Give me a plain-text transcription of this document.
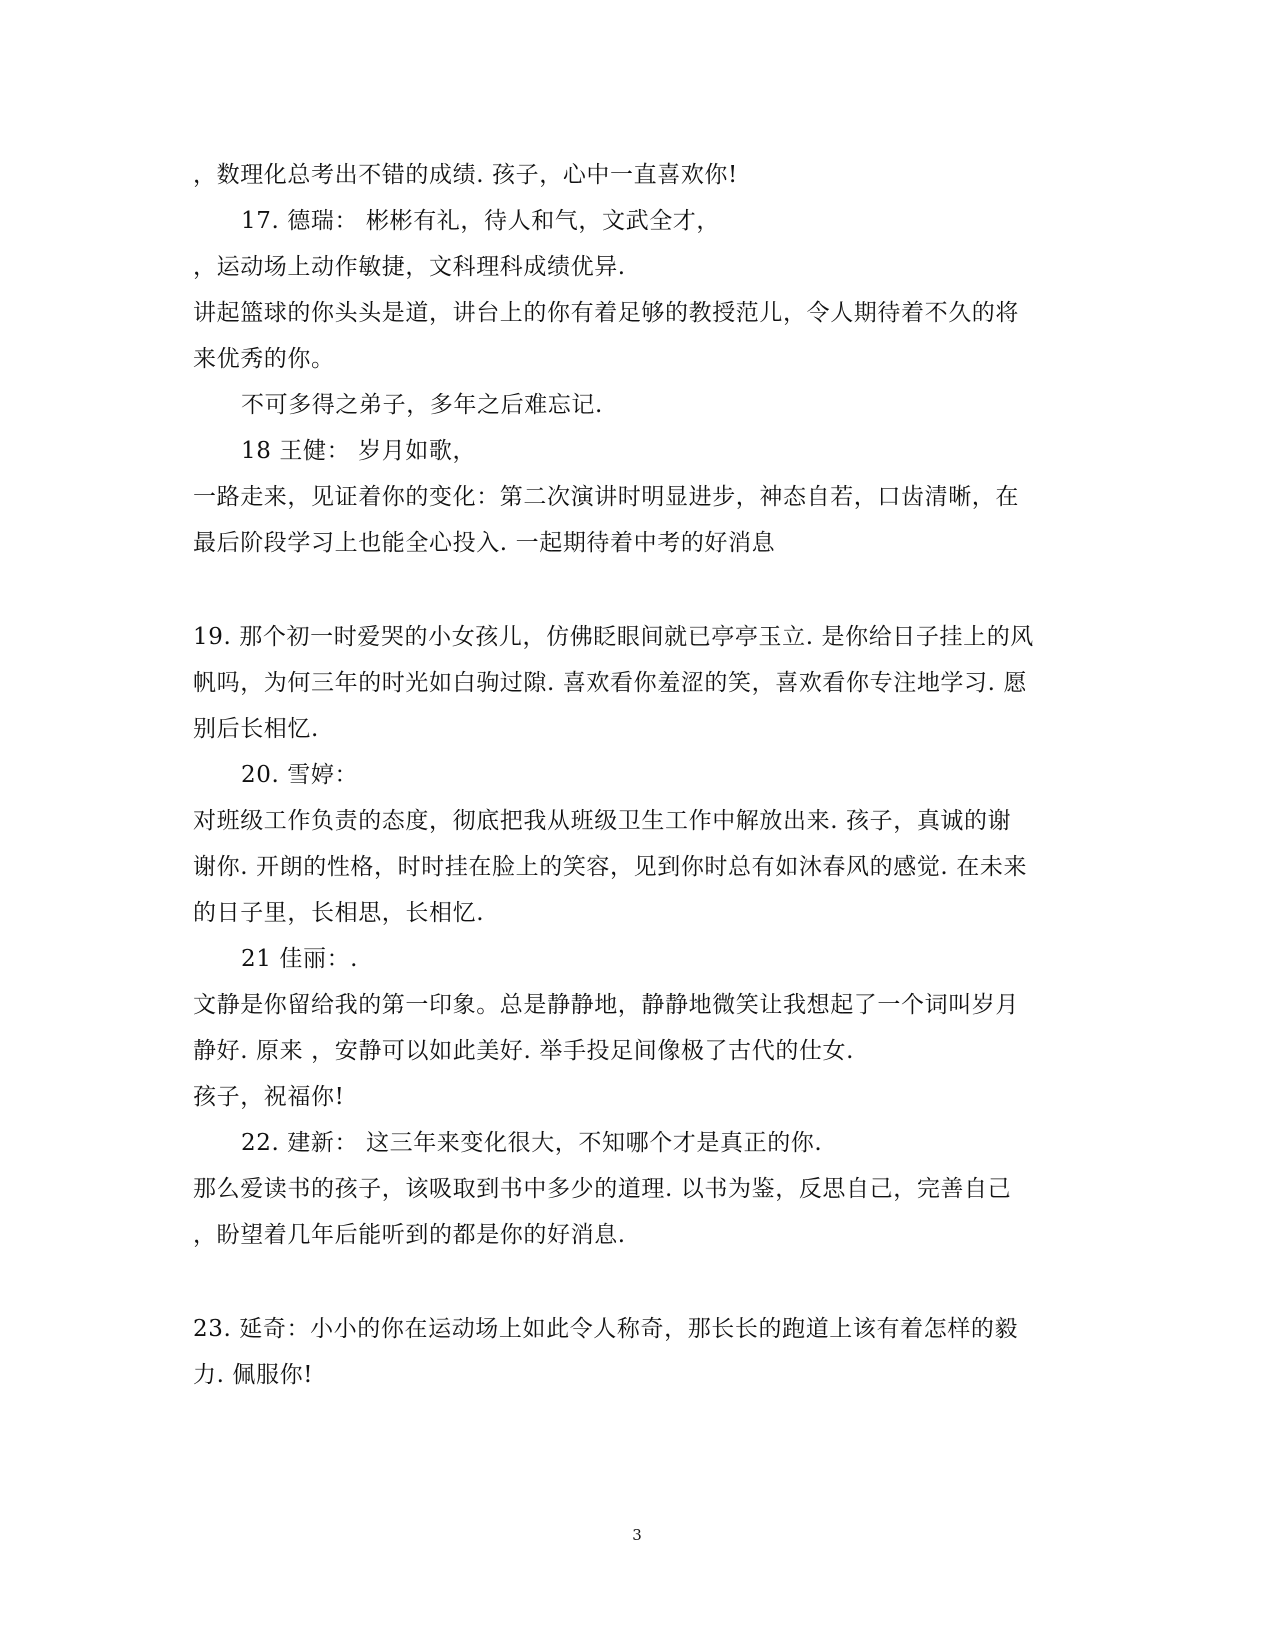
，数理化总考出不错的成绩. 孩子，心中一直喜欢你!
17. 德瑞： 彬彬有礼，待人和气，文武全才，
，运动场上动作敏捷，文科理科成绩优异.
讲起篮球的你头头是道，讲台上的你有着足够的教授范儿，令人期待着不久的将
来优秀的你。
不可多得之弟子，多年之后难忘记.
18 王健： 岁月如歌，
一路走来，见证着你的变化：第二次演讲时明显进步，神态自若，口齿清晰，在
最后阶段学习上也能全心投入. 一起期待着中考的好消息
19. 那个初一时爱哭的小女孩儿，仿佛眨眼间就已亭亭玉立. 是你给日子挂上的风
帆吗，为何三年的时光如白驹过隙. 喜欢看你羞涩的笑，喜欢看你专注地学习. 愿
别后长相忆.
20. 雪婷：
对班级工作负责的态度，彻底把我从班级卫生工作中解放出来. 孩子，真诚的谢
谢你. 开朗的性格，时时挂在脸上的笑容，见到你时总有如沐春风的感觉. 在未来
的日子里，长相思，长相忆.
21 佳丽：.
文静是你留给我的第一印象。总是静静地，静静地微笑让我想起了一个词叫岁月
静好. 原来 ，安静可以如此美好. 举手投足间像极了古代的仕女.
孩子，祝福你!
22. 建新： 这三年来变化很大，不知哪个才是真正的你.
那么爱读书的孩子，该吸取到书中多少的道理. 以书为鉴，反思自己，完善自己
，盼望着几年后能听到的都是你的好消息.
23. 延奇：小小的你在运动场上如此令人称奇，那长长的跑道上该有着怎样的毅
力. 佩服你!
3
